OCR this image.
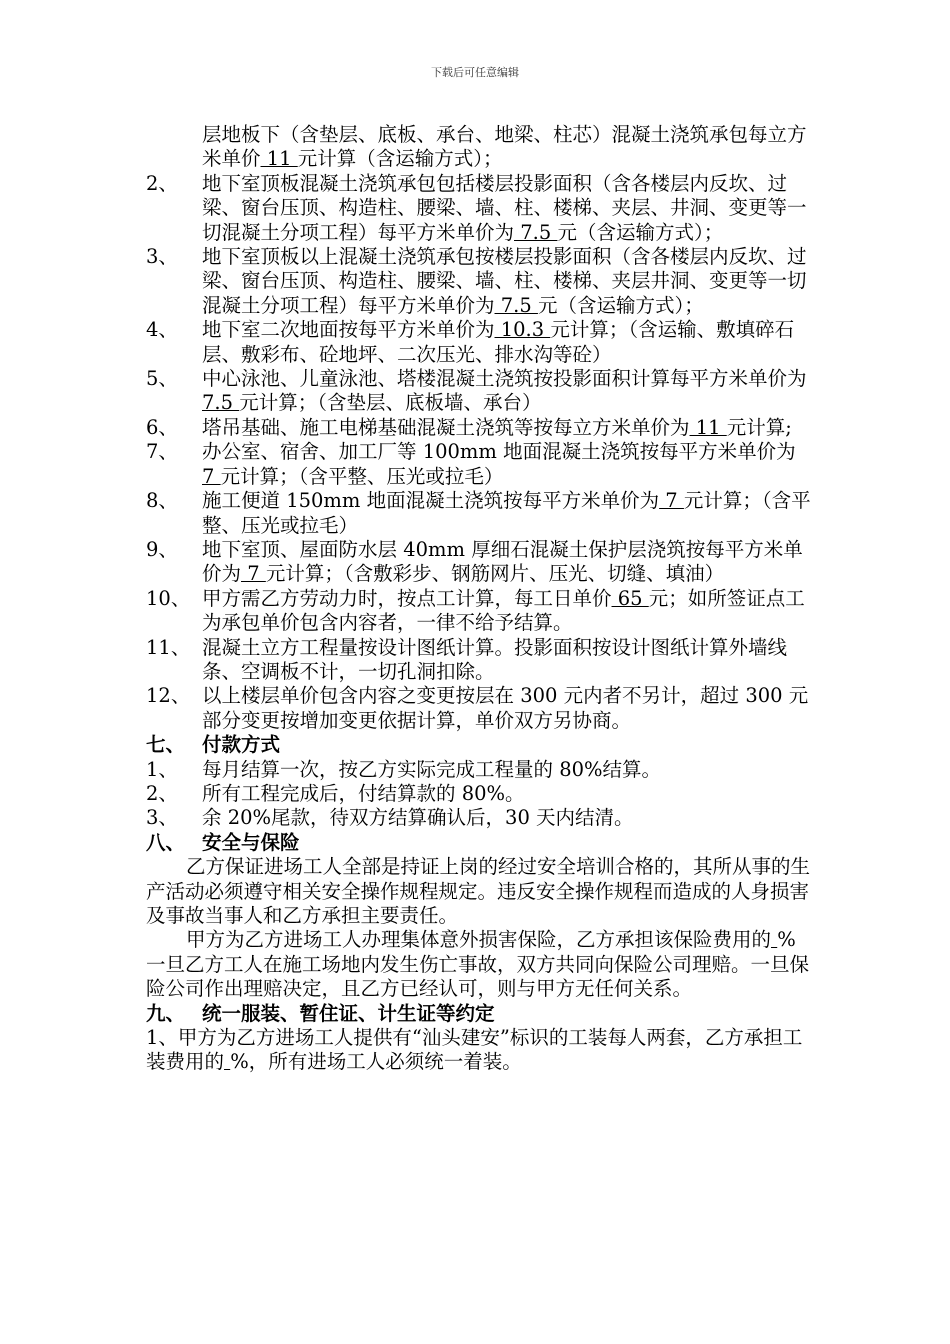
下载后可任意编辑
层地板下（含垫层、底板、承台、地梁、柱芯）混凝土浇筑承包每立方米单价 11 元计算（含运输方式）；
2、	地下室顶板混凝土浇筑承包包括楼层投影面积（含各楼层内反坎、过梁、窗台压顶、构造柱、腰梁、墙、柱、楼梯、夹层、井洞、变更等一切混凝土分项工程）每平方米单价为 7.5 元（含运输方式）；
3、	地下室顶板以上混凝土浇筑承包按楼层投影面积（含各楼层内反坎、过梁、窗台压顶、构造柱、腰梁、墙、柱、楼梯、夹层井洞、变更等一切混凝土分项工程）每平方米单价为 7.5 元（含运输方式）；
4、	地下室二次地面按每平方米单价为 10.3 元计算；（含运输、敷填碎石层、敷彩布、砼地坪、二次压光、排水沟等砼）
5、	中心泳池、儿童泳池、塔楼混凝土浇筑按投影面积计算每平方米单价为 7.5 元计算；（含垫层、底板墙、承台）
6、	塔吊基础、施工电梯基础混凝土浇筑等按每立方米单价为 11 元计算;
7、	办公室、宿舍、加工厂等 100mm 地面混凝土浇筑按每平方米单价为 7 元计算；（含平整、压光或拉毛）
8、	施工便道 150mm 地面混凝土浇筑按每平方米单价为 7 元计算；（含平整、压光或拉毛）
9、	地下室顶、屋面防水层 40mm 厚细石混凝土保护层浇筑按每平方米单价为 7 元计算；（含敷彩步、钢筋网片、压光、切缝、填油）
10、 甲方需乙方劳动力时，按点工计算，每工日单价 65 元；如所签证点工为承包单价包含内容者，一律不给予结算。
11、 混凝土立方工程量按设计图纸计算。投影面积按设计图纸计算外墙线条、空调板不计，一切孔洞扣除。
12、 以上楼层单价包含内容之变更按层在 300 元内者不另计，超过 300 元部分变更按增加变更依据计算，单价双方另协商。
七、 付款方式
1、	每月结算一次，按乙方实际完成工程量的 80%结算。
2、	所有工程完成后，付结算款的 80%。
3、	余 20%尾款，待双方结算确认后，30 天内结清。
八、 安全与保险
乙方保证进场工人全部是持证上岗的经过安全培训合格的，其所从事的生产活动必须遵守相关安全操作规程规定。违反安全操作规程而造成的人身损害及事故当事人和乙方承担主要责任。
甲方为乙方进场工人办理集体意外损害保险，乙方承担该保险费用的 %一旦乙方工人在施工场地内发生伤亡事故，双方共同向保险公司理赔。一旦保险公司作出理赔决定，且乙方已经认可，则与甲方无任何关系。
九、 统一服装、暂住证、计生证等约定
1、甲方为乙方进场工人提供有“汕头建安”标识的工装每人两套，乙方承担工装费用的 %，所有进场工人必须统一着装。
